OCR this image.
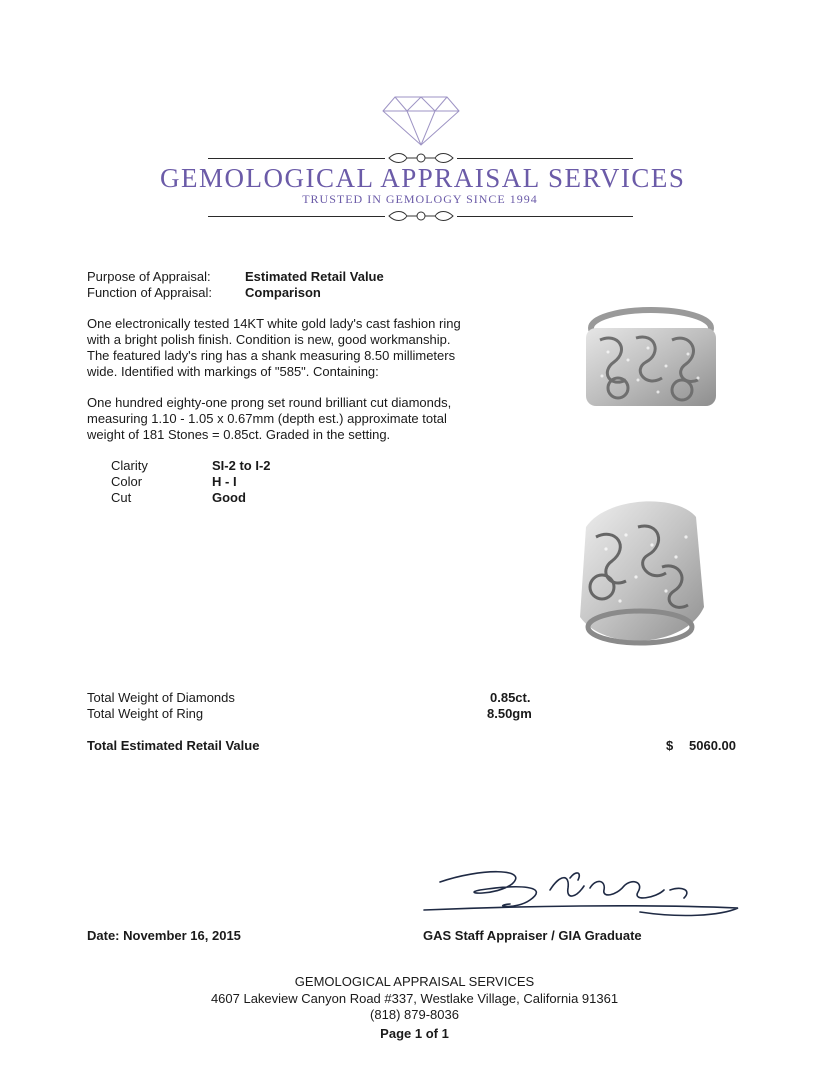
GEMOLOGICAL APPRAISAL SERVICES
TRUSTED IN GEMOLOGY SINCE 1994
Purpose of Appraisal:	Estimated Retail Value
Function of Appraisal:	Comparison
One electronically tested 14KT white gold lady's cast fashion ring
with a bright polish finish. Condition is new, good workmanship.
The featured lady's ring has a shank measuring 8.50 millimeters
wide. Identified with markings of "585". Containing:
One hundred eighty-one prong set round brilliant cut diamonds,
measuring 1.10 - 1.05 x 0.67mm (depth est.) approximate total
weight of 181 Stones = 0.85ct. Graded in the setting.
Clarity	SI-2 to I-2
Color	H - I
Cut	Good
Total Weight of Diamonds	0.85ct.
Total Weight of Ring	8.50gm
Total Estimated Retail Value	$ 5060.00
Date: November 16, 2015	GAS Staff Appraiser / GIA Graduate
GEMOLOGICAL APPRAISAL SERVICES
4607 Lakeview Canyon Road #337, Westlake Village, California 91361
(818) 879-8036
Page 1 of 1
